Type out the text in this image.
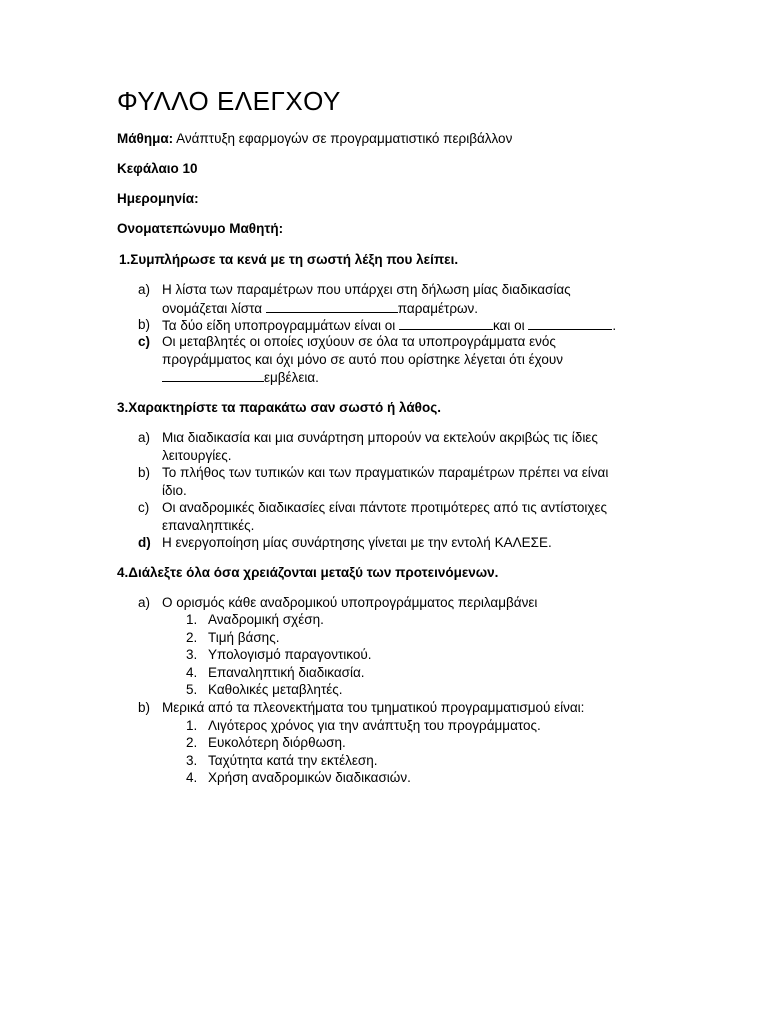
ΦΥΛΛΟ ΕΛΕΓΧΟΥ
Μάθημα: Ανάπτυξη εφαρμογών σε προγραμματιστικό περιβάλλον
Κεφάλαιο 10
Ημερομηνία:
Ονοματεπώνυμο Μαθητή:
1.Συμπλήρωσε τα κενά με τη σωστή λέξη που λείπει.
a) Η λίστα των παραμέτρων που υπάρχει στη δήλωση μίας διαδικασίας
ονομάζεται λίστα	παραμέτρων.
b) Τα δύο είδη υποπρογραμμάτων είναι οι	και οι	.
c) Οι μεταβλητές οι οποίες ισχύουν σε όλα τα υποπρογράμματα ενός
προγράμματος και όχι μόνο σε αυτό που ορίστηκε λέγεται ότι έχουν
εμβέλεια.
3.Χαρακτηρίστε τα παρακάτω σαν σωστό ή λάθος.
a) Μια διαδικασία και μια συνάρτηση μπορούν να εκτελούν ακριβώς τις ίδιες
λειτουργίες.
b) Το πλήθος των τυπικών και των πραγματικών παραμέτρων πρέπει να είναι
ίδιο.
c) Οι αναδρομικές διαδικασίες είναι πάντοτε προτιμότερες από τις αντίστοιχες
επαναληπτικές.
d) Η ενεργοποίηση μίας συνάρτησης γίνεται με την εντολή ΚΑΛΕΣΕ.
4.Διάλεξτε όλα όσα χρειάζονται μεταξύ των προτεινόμενων.
a) Ο ορισμός κάθε αναδρομικού υποπρογράμματος περιλαμβάνει
1. Αναδρομική σχέση.
2. Τιμή βάσης.
3. Υπολογισμό παραγοντικού.
4. Επαναληπτική διαδικασία.
5. Καθολικές μεταβλητές.
b) Μερικά από τα πλεονεκτήματα του τμηματικού προγραμματισμού είναι:
1. Λιγότερος χρόνος για την ανάπτυξη του προγράμματος.
2. Ευκολότερη διόρθωση.
3. Ταχύτητα κατά την εκτέλεση.
4. Χρήση αναδρομικών διαδικασιών.
